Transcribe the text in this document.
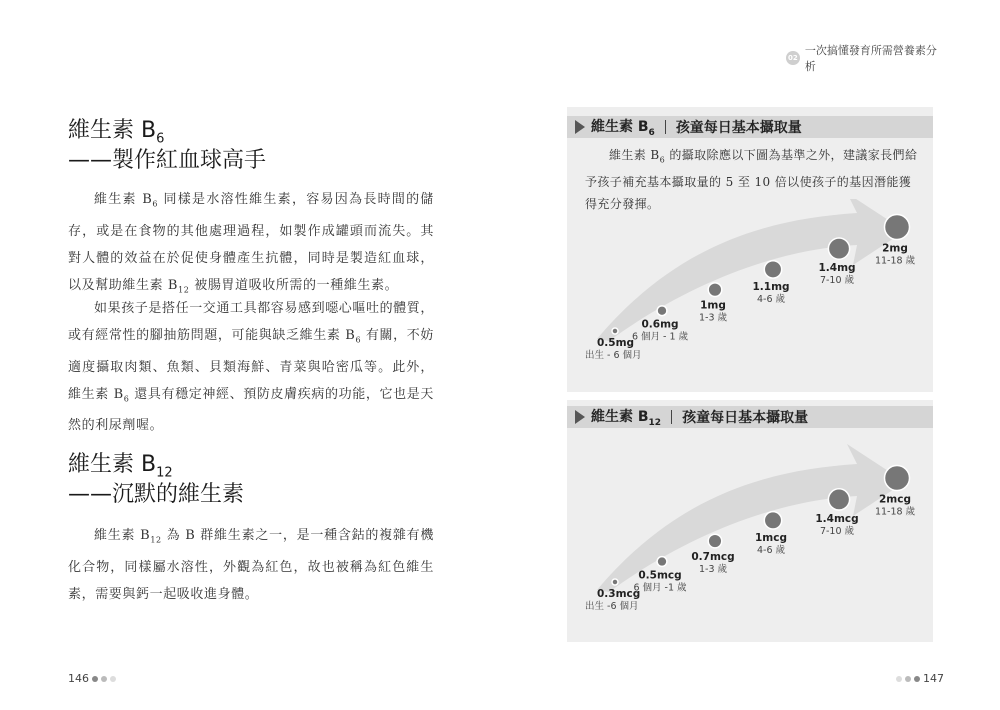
02
一次搞懂發育所需營養素分析
維生素 $B_6$
——製作紅血球高手
維生素 $B_6$ 同樣是水溶性維生素，容易因為長時間的儲存，或是在食物的其他處理過程，如製作成罐頭而流失。其對人體的效益在於促使身體產生抗體，同時是製造紅血球，以及幫助維生素 $B_{12}$ 被腸胃道吸收所需的一種維生素。
如果孩子是搭任一交通工具都容易感到噁心嘔吐的體質，或有經常性的腳抽筋問題，可能與缺乏維生素 $B_6$ 有關，不妨適度攝取肉類、魚類、貝類海鮮、青菜與哈密瓜等。此外，維生素 $B_6$ 還具有穩定神經、預防皮膚疾病的功能，它也是天然的利尿劑喔。
維生素 $B_{12}$
——沉默的維生素
維生素 $B_{12}$ 為 B 群維生素之一，是一種含鈷的複雜有機化合物，同樣屬水溶性，外觀為紅色，故也被稱為紅色維生素，需要與鈣一起吸收進身體。
維生素 $B_6$ 孩童每日基本攝取量
維生素 $B_6$ 的攝取除應以下圖為基準之外，建議家長們給予孩子補充基本攝取量的 5 至 10 倍以使孩子的基因潛能獲得充分發揮。
0.5mg
出生 - 6 個月
0.6mg
6 個月 - 1 歲
1mg
1-3 歲
1.1mg
4-6 歲
1.4mg
7-10 歲
2mg
11-18 歲
維生素 $B_{12}$ 孩童每日基本攝取量
0.3mcg
出生 -6 個月
0.5mcg
6 個月 -1 歲
0.7mcg
1-3 歲
1mcg
4-6 歲
1.4mcg
7-10 歲
2mcg
11-18 歲
146	147
